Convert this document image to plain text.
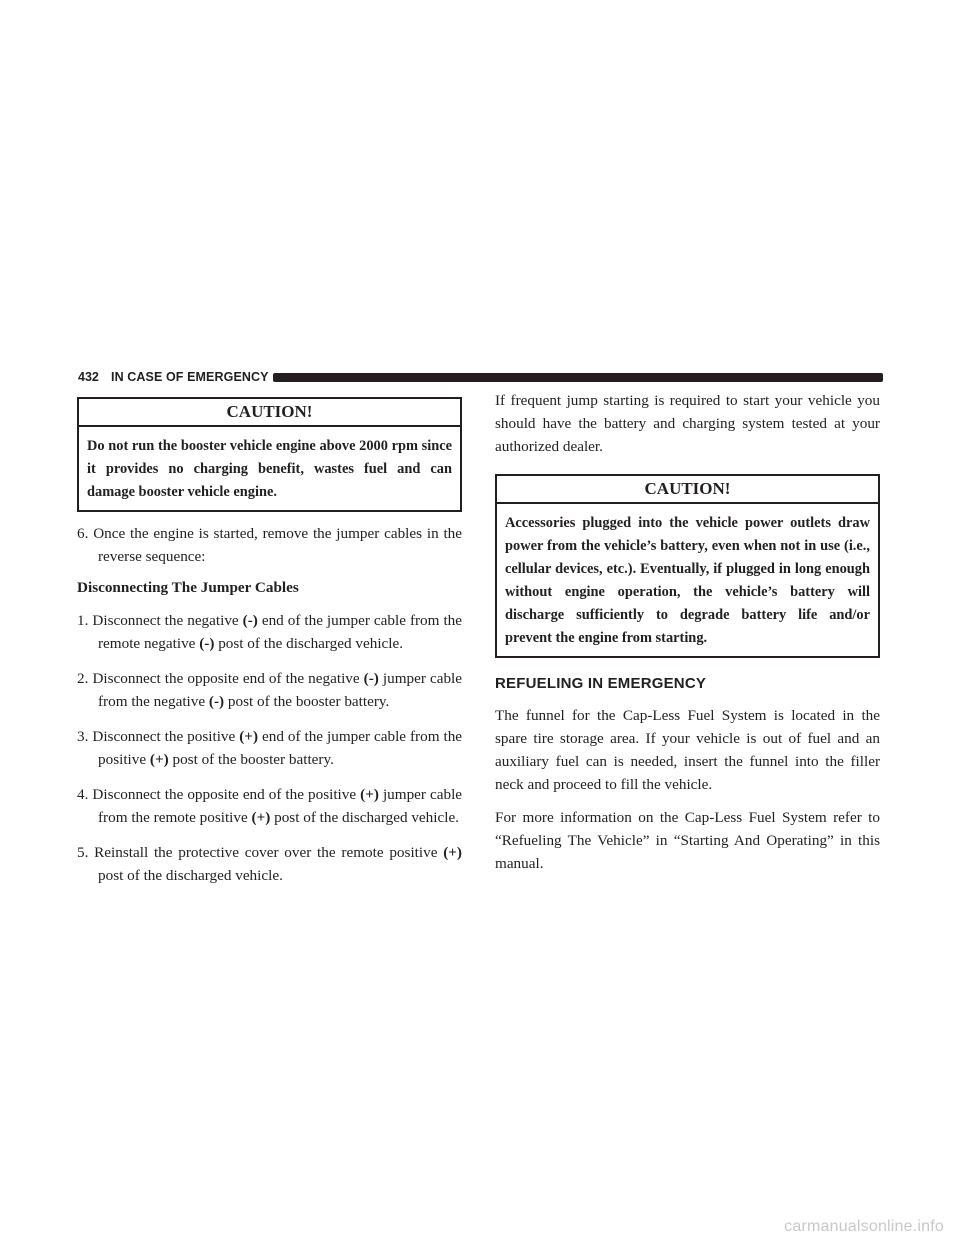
432 IN CASE OF EMERGENCY
CAUTION!
Do not run the booster vehicle engine above 2000 rpm since it provides no charging benefit, wastes fuel and can damage booster vehicle engine.

6. Once the engine is started, remove the jumper cables in the reverse sequence:

Disconnecting The Jumper Cables

1. Disconnect the negative (-) end of the jumper cable from the remote negative (-) post of the discharged vehicle.

2. Disconnect the opposite end of the negative (-) jumper cable from the negative (-) post of the booster battery.

3. Disconnect the positive (+) end of the jumper cable from the positive (+) post of the booster battery.

4. Disconnect the opposite end of the positive (+) jumper cable from the remote positive (+) post of the discharged vehicle.

5. Reinstall the protective cover over the remote positive (+) post of the discharged vehicle.

If frequent jump starting is required to start your vehicle you should have the battery and charging system tested at your authorized dealer.

CAUTION!
Accessories plugged into the vehicle power outlets draw power from the vehicle’s battery, even when not in use (i.e., cellular devices, etc.). Eventually, if plugged in long enough without engine operation, the vehicle’s battery will discharge sufficiently to degrade battery life and/or prevent the engine from starting.
REFUELING IN EMERGENCY

The funnel for the Cap-Less Fuel System is located in the spare tire storage area. If your vehicle is out of fuel and an auxiliary fuel can is needed, insert the funnel into the filler neck and proceed to fill the vehicle.

For more information on the Cap-Less Fuel System refer to “Refueling The Vehicle” in “Starting And Operating” in this manual.

carmanualsonline.info
